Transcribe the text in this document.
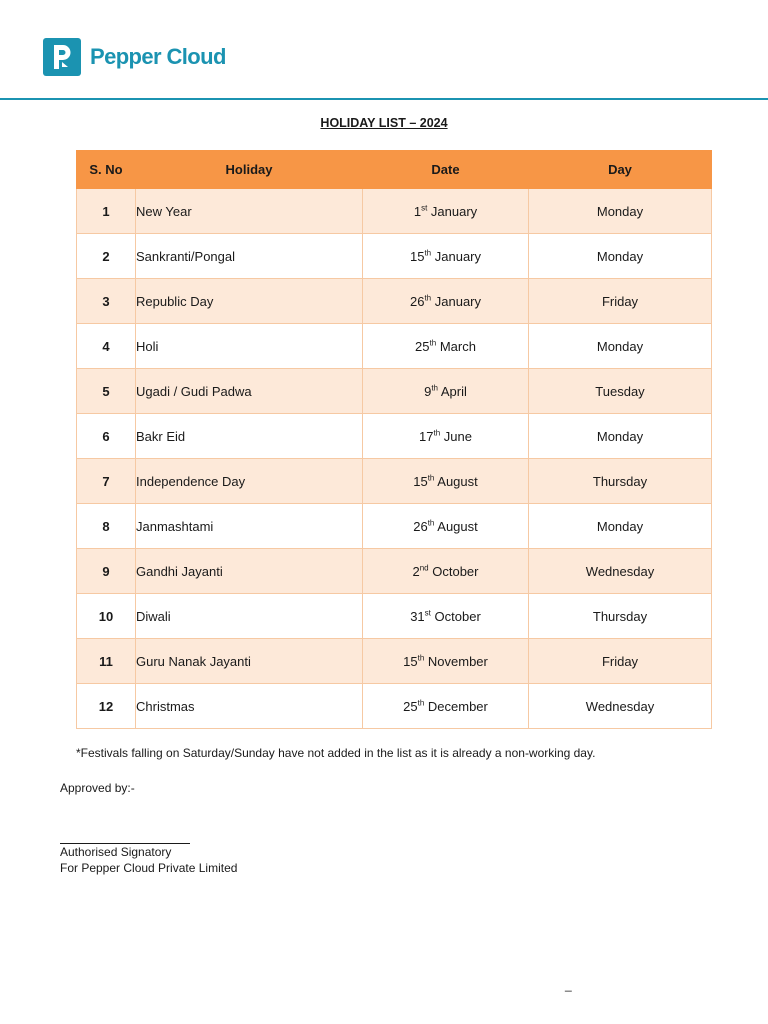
Pepper Cloud
HOLIDAY LIST – 2024
S. No	Holiday	Date	Day
1	New Year	1st January	Monday
2	Sankranti/Pongal	15th January	Monday
3	Republic Day	26th January	Friday
4	Holi	25th March	Monday
5	Ugadi / Gudi Padwa	9th April	Tuesday
6	Bakr Eid	17th June	Monday
7	Independence Day	15th August	Thursday
8	Janmashtami	26th August	Monday
9	Gandhi Jayanti	2nd October	Wednesday
10	Diwali	31st October	Thursday
11	Guru Nanak Jayanti	15th November	Friday
12	Christmas	25th December	Wednesday
*Festivals falling on Saturday/Sunday have not added in the list as it is already a non-working day.
Approved by:-
Authorised Signatory
For Pepper Cloud Private Limited
_
